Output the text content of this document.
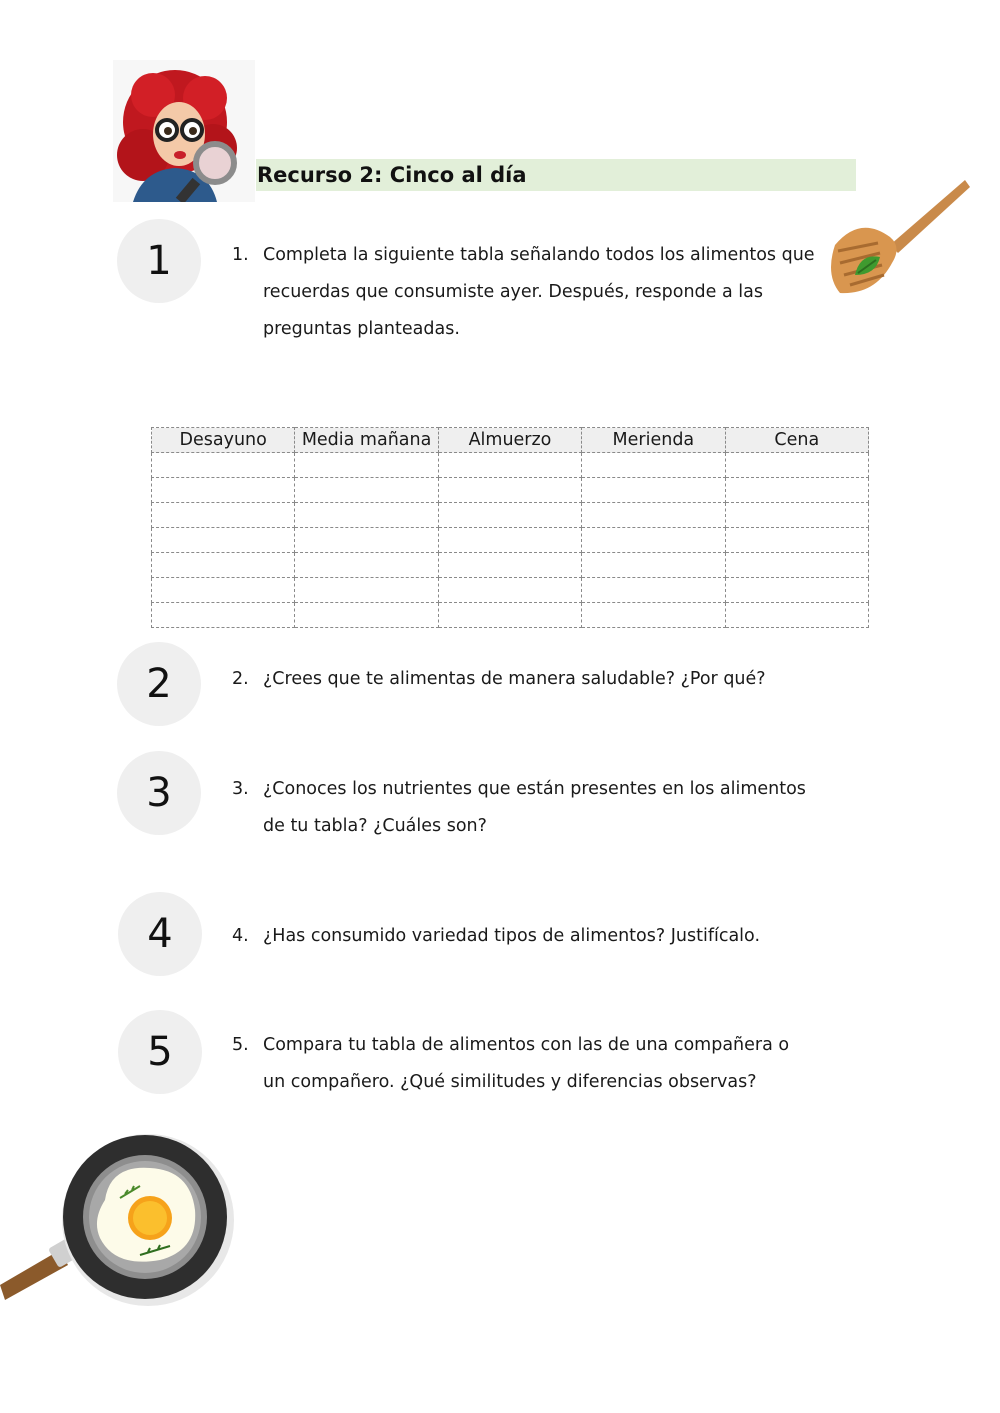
Recurso 2: Cinco al día
1
2
3
4
5
1. Completa la siguiente tabla señalando todos los alimentos que recuerdas que consumiste ayer. Después, responde a las preguntas planteadas.
Desayuno	Media mañana	Almuerzo	Merienda	Cena

2. ¿Crees que te alimentas de manera saludable? ¿Por qué?
3. ¿Conoces los nutrientes que están presentes en los alimentos de tu tabla? ¿Cuáles son?
4. ¿Has consumido variedad tipos de alimentos? Justifícalo.
5. Compara tu tabla de alimentos con las de una compañera o un compañero. ¿Qué similitudes y diferencias observas?
